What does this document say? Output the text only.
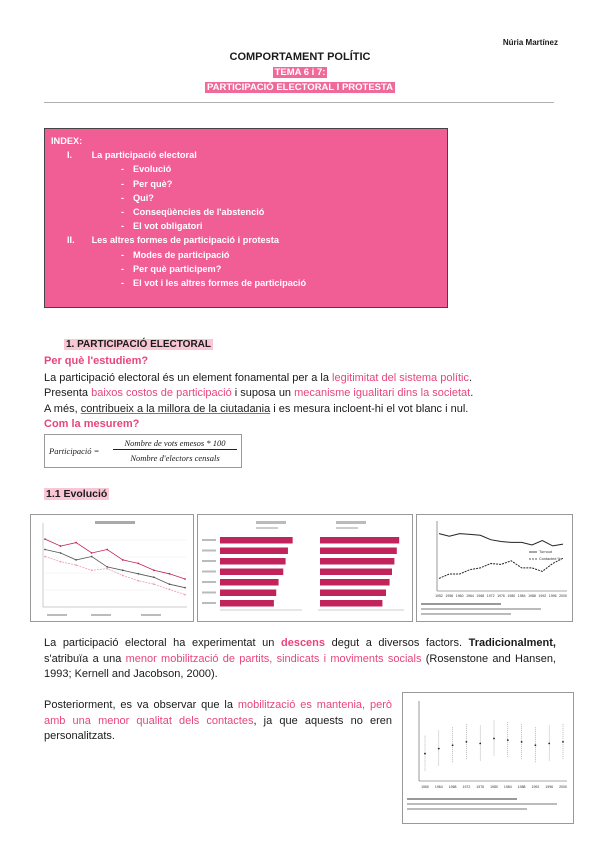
Núria Martínez
COMPORTAMENT POLÍTIC
TEMA 6 i 7:
PARTICIPACIÓ ELECTORAL I PROTESTA
INDEX:
I. La participació electoral
- Evolució
- Per què?
- Qui?
- Conseqüències de l'abstenció
- El vot obligatori
II. Les altres formes de participació i protesta
- Modes de participació
- Per què participem?
- El vot i les altres formes de participació
1. PARTICIPACIÓ ELECTORAL
Per què l'estudiem?
La participació electoral és un element fonamental per a la legitimitat del sistema polític.
Presenta baixos costos de participació i suposa un mecanisme igualitari dins la societat.
A més, contribueix a la millora de la ciutadania i es mesura incloent-hi el vot blanc i nul.
Com la mesurem?
Participació =
Nombre de vots emesos * 100
Nombre d'electors censals
1.1 Evolució
1952 1956 1960 1964 1968 1972 1976 1980 1984 1988 1992 1996 2000
Turnout
Contacted %
La participació electoral ha experimentat un descens degut a diversos factors. Tradicionalment, s'atribuïa a una menor mobilització de partits, sindicats i moviments socials (Rosenstone and Hansen, 1993; Kernell and Jacobson, 2000).
Posteriorment, es va observar que la mobilització es mantenia, però amb una menor qualitat dels contactes, ja que aquests no eren personalitzats.
1960 1964 1968 1972 1976 1980 1984 1988 1992 1996 2000
